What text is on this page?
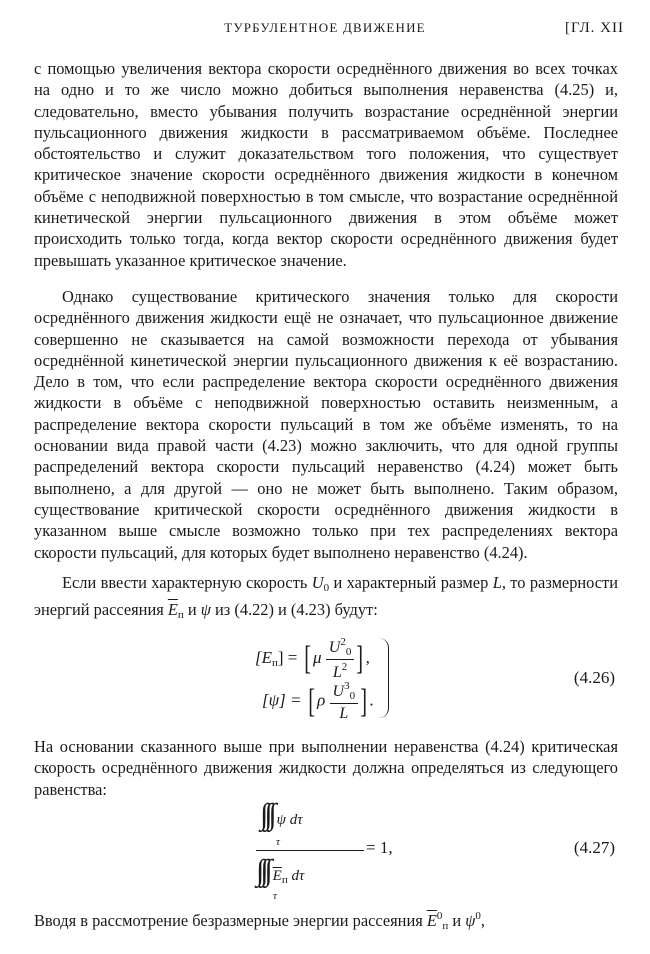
ТУРБУЛЕНТНОЕ ДВИЖЕНИЕ	[ГЛ. XII

с помощью увеличения вектора скорости осреднённого движения во всех точках на одно и то же число можно добиться выполнения неравенства (4.25) и, следовательно, вместо убывания получить возрастание осреднённой энергии пульсационного движения жидкости в рассматриваемом объёме. Последнее обстоятельство и служит доказательством того положения, что существует критическое значение скорости осреднённого движения жидкости в конечном объёме с неподвижной поверхностью в том смысле, что возрастание осреднённой кинетической энергии пульсационного движения в этом объёме может происходить только тогда, когда вектор скорости осреднённого движения будет превышать указанное критическое значение.

Однако существование критического значения только для скорости осреднённого движения жидкости ещё не означает, что пульсационное движение совершенно не сказывается на самой возможности перехода от убывания осреднённой кинетической энергии пульсационного движения к её возрастанию. Дело в том, что если распределение вектора скорости осреднённого движения жидкости в объёме с неподвижной поверхностью оставить неизменным, а распределение вектора скорости пульсаций в том же объёме изменять, то на основании вида правой части (4.23) можно заключить, что для одной группы распределений вектора скорости пульсаций неравенство (4.24) может быть выполнено, а для другой — оно не может быть выполнено. Таким образом, существование критической скорости осреднённого движения жидкости в указанном выше смысле возможно только при тех распределениях вектора скорости пульсаций, для которых будет выполнено неравенство (4.24).

Если ввести характерную скорость $U_0$ и характерный размер L, то размерности энергий рассеяния $\overline{E}_п$ и ψ из (4.22) и (4.23) будут:

$[E_п]$ = [ μ $\frac{U^2_0}{L^2}$ ] ,
[ψ] = [ ρ $\frac{U^3_0}{L}$ ] .
(4.26)

На основании сказанного выше при выполнении неравенства (4.24) критическая скорость осреднённого движения жидкости должна определяться из следующего равенства:

∫∫∫ ψ dτ
τ
∫∫∫ $\overline{E}_п$ dτ
τ
= 1,	(4.27)

Вводя в рассмотрение безразмерные энергии рассеяния $\overline{E}^0_п$ и $\psi^0$,
